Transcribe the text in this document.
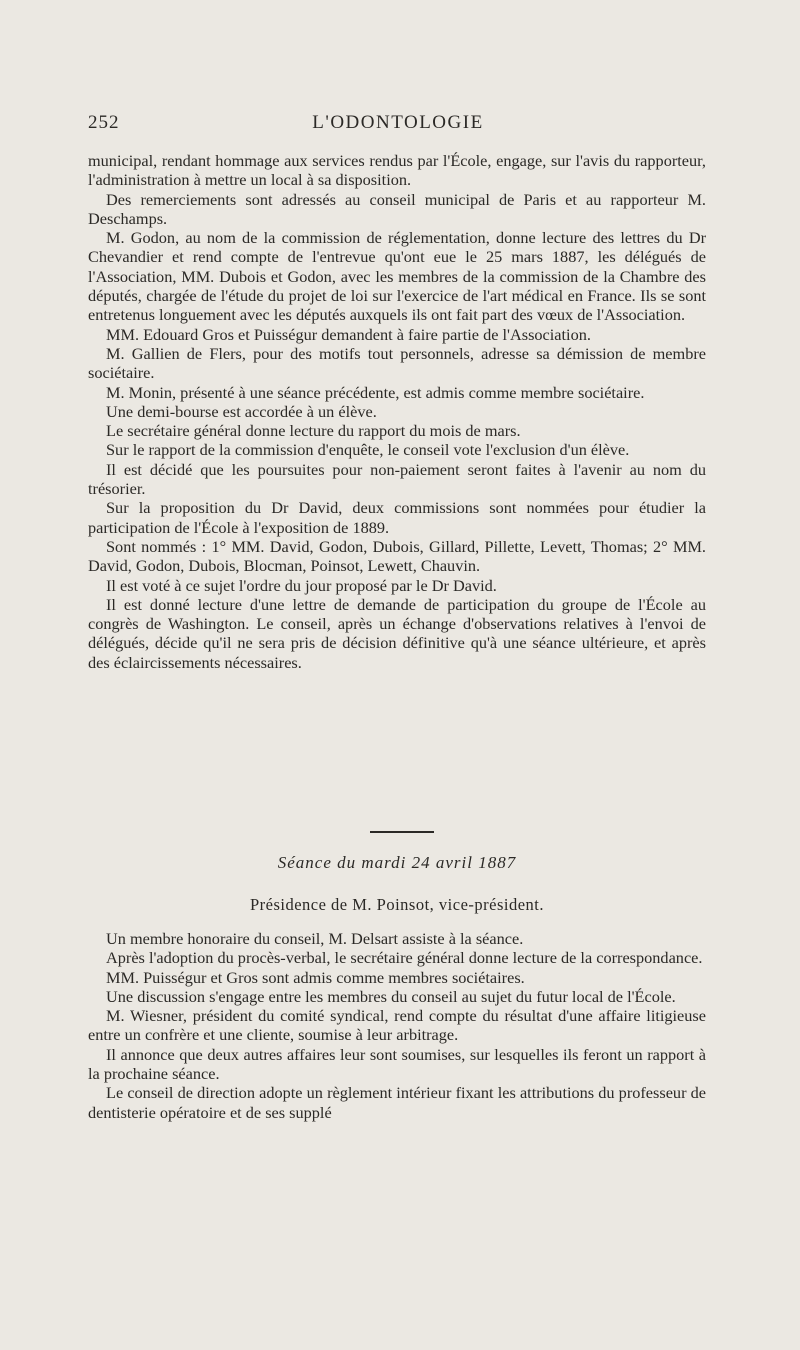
252	L'ODONTOLOGIE

municipal, rendant hommage aux services rendus par l'École, engage, sur l'avis du rapporteur, l'administration à mettre un local à sa disposition.

Des remerciements sont adressés au conseil municipal de Paris et au rapporteur M. Deschamps.

M. Godon, au nom de la commission de réglementation, donne lecture des lettres du Dr Chevandier et rend compte de l'entrevue qu'ont eue le 25 mars 1887, les délégués de l'Association, MM. Dubois et Godon, avec les membres de la commission de la Chambre des députés, chargée de l'étude du projet de loi sur l'exercice de l'art médical en France. Ils se sont entretenus longuement avec les députés auxquels ils ont fait part des vœux de l'Association.

MM. Edouard Gros et Puisségur demandent à faire partie de l'Association.

M. Gallien de Flers, pour des motifs tout personnels, adresse sa démission de membre sociétaire.

M. Monin, présenté à une séance précédente, est admis comme membre sociétaire.

Une demi-bourse est accordée à un élève.

Le secrétaire général donne lecture du rapport du mois de mars.

Sur le rapport de la commission d'enquête, le conseil vote l'exclusion d'un élève.

Il est décidé que les poursuites pour non-paiement seront faites à l'avenir au nom du trésorier.

Sur la proposition du Dr David, deux commissions sont nommées pour étudier la participation de l'École à l'exposition de 1889.

Sont nommés : 1° MM. David, Godon, Dubois, Gillard, Pillette, Levett, Thomas; 2° MM. David, Godon, Dubois, Blocman, Poinsot, Lewett, Chauvin.

Il est voté à ce sujet l'ordre du jour proposé par le Dr David.

Il est donné lecture d'une lettre de demande de participation du groupe de l'École au congrès de Washington. Le conseil, après un échange d'observations relatives à l'envoi de délégués, décide qu'il ne sera pris de décision définitive qu'à une séance ultérieure, et après des éclaircissements nécessaires.

Séance du mardi 24 avril 1887
Présidence de M. Poinsot, vice-président.

Un membre honoraire du conseil, M. Delsart assiste à la séance.

Après l'adoption du procès-verbal, le secrétaire général donne lecture de la correspondance.

MM. Puisségur et Gros sont admis comme membres sociétaires.

Une discussion s'engage entre les membres du conseil au sujet du futur local de l'École.

M. Wiesner, président du comité syndical, rend compte du résultat d'une affaire litigieuse entre un confrère et une cliente, soumise à leur arbitrage.

Il annonce que deux autres affaires leur sont soumises, sur lesquelles ils feront un rapport à la prochaine séance.

Le conseil de direction adopte un règlement intérieur fixant les attributions du professeur de dentisterie opératoire et de ses supplé
